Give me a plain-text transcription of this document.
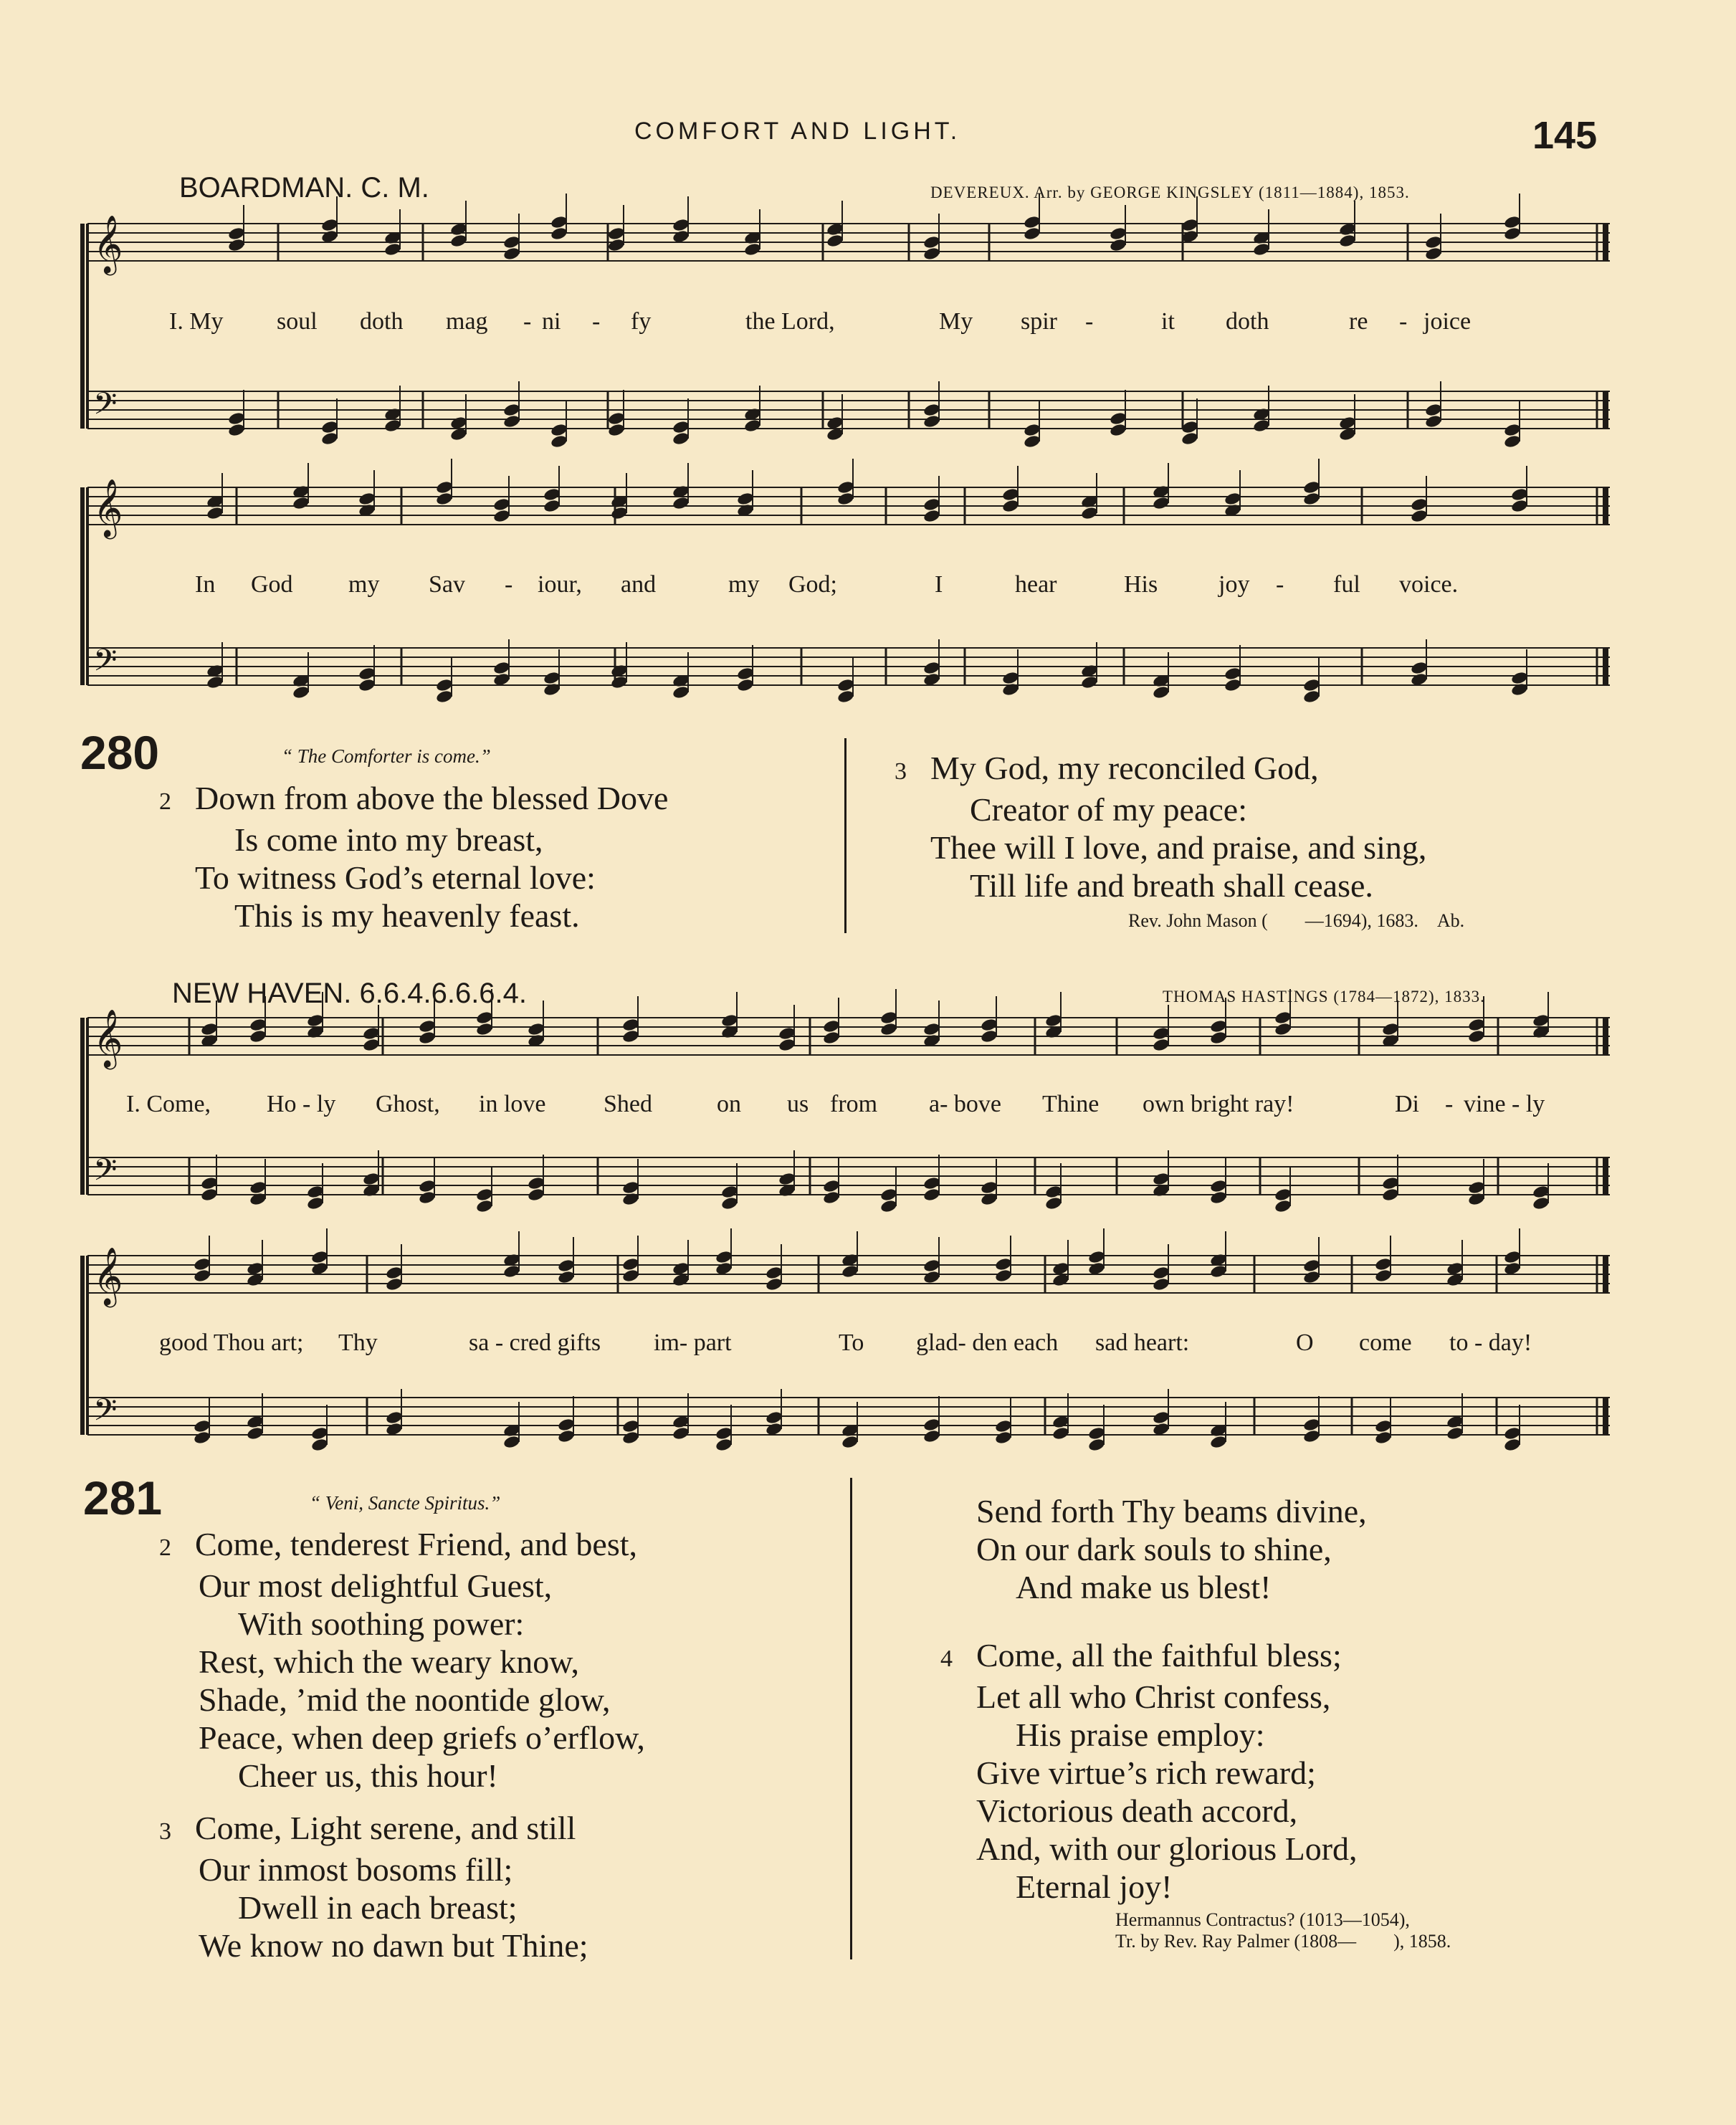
COMFORT AND LIGHT.	145
BOARDMAN. C. M.	DEVEREUX. Arr. by GEORGE KINGSLEY (1811—1884), 1853.
𝄞
𝄢
𝄞
𝄢
𝄞
𝄢
𝄞
𝄢
I. My soul doth mag - ni - fy	the Lord,	My spir -	it doth	re - joice
In God my Sav - iour, and	my God;	I	hear	His joy - ful voice.
280	“ The Comforter is come.”
2 Down from above the blessed Dove
Is come into my breast,
To witness God’s eternal love:
This is my heavenly feast.
3 My God, my reconciled God,
Creator of my peace:
Thee will I love, and praise, and sing,
Till life and breath shall cease.
Rev. John Mason (  —1694), 1683. Ab.
NEW HAVEN. 6.6.4.6.6.6.4.	THOMAS HASTINGS (1784—1872), 1833.
I. Come, Ho - ly Ghost, in love Shed	on us from a- bove Thine own bright ray!	Di - vine - ly
good Thou art; Thy	sa - cred gifts im- part	To glad- den each sad heart:	O come to - day!
281	“ Veni, Sancte Spiritus.”
2 Come, tenderest Friend, and best,
Our most delightful Guest,
With soothing power:
Rest, which the weary know,
Shade, ’mid the noontide glow,
Peace, when deep griefs o’erflow,
Cheer us, this hour!
3 Come, Light serene, and still
Our inmost bosoms fill;
Dwell in each breast;
We know no dawn but Thine;
Send forth Thy beams divine,
On our dark souls to shine,
And make us blest!
4 Come, all the faithful bless;
Let all who Christ confess,
His praise employ:
Give virtue’s rich reward;
Victorious death accord,
And, with our glorious Lord,
Eternal joy!
Hermannus Contractus? (1013—1054),
Tr. by Rev. Ray Palmer (1808—  ), 1858.
